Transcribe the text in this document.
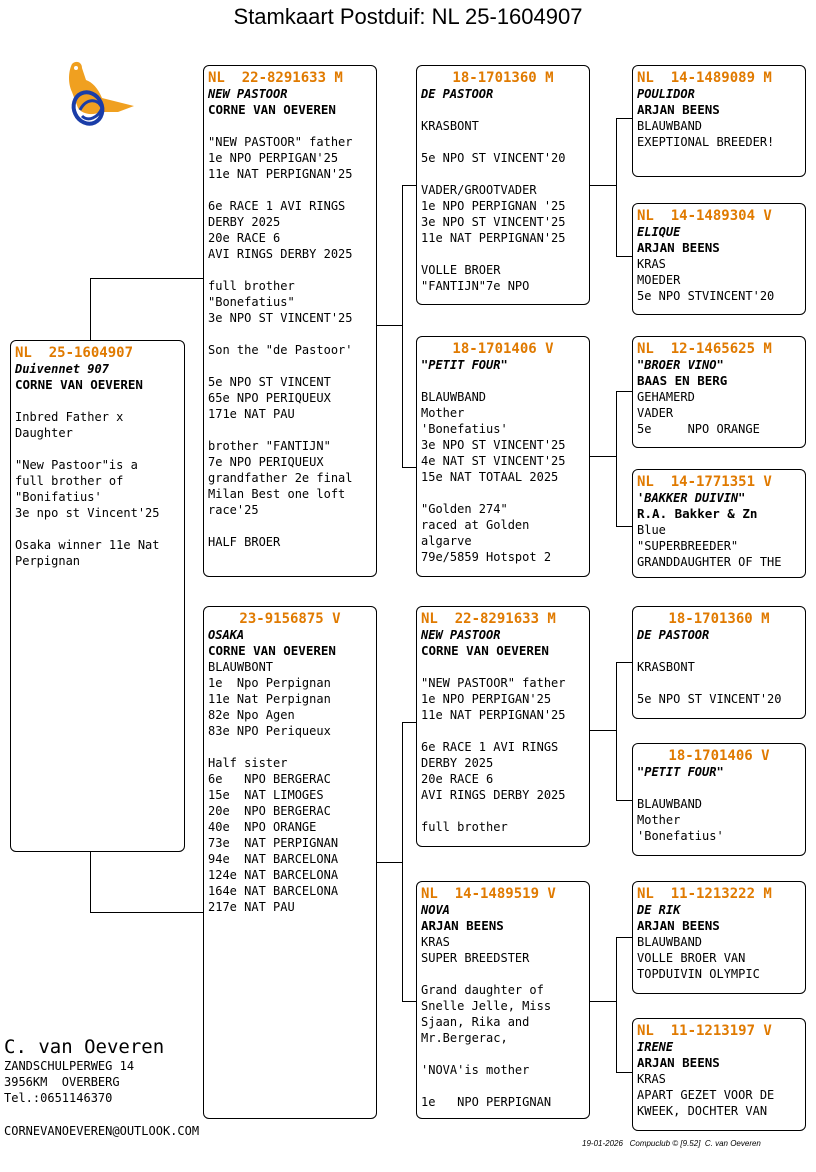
Stamkaart Postduif: NL 25-1604907
NL  25-1604907
Duivennet 907
CORNE VAN OEVEREN
Inbred Father x
Daughter
"New Pastoor"is a
full brother of
"Bonifatius'
3e npo st Vincent'25
Osaka winner 11e Nat
Perpignan
NL  22-8291633 M
NEW PASTOOR
CORNE VAN OEVEREN
"NEW PASTOOR" father
1e NPO PERPIGAN'25
11e NAT PERPIGNAN'25
6e RACE 1 AVI RINGS
DERBY 2025
20e RACE 6
AVI RINGS DERBY 2025
full brother
"Bonefatius"
3e NPO ST VINCENT'25
Son the "de Pastoor'
5e NPO ST VINCENT
65e NPO PERIQUEUX
171e NAT PAU
brother "FANTIJN"
7e NPO PERIQUEUX
grandfather 2e final
Milan Best one loft
race'25
HALF BROER
23-9156875 V
OSAKA
CORNE VAN OEVEREN
BLAUWBONT
1e  Npo Perpignan
11e Nat Perpignan
82e Npo Agen
83e NPO Periqueux
Half sister
6e   NPO BERGERAC
15e  NAT LIMOGES
20e  NPO BERGERAC
40e  NPO ORANGE
73e  NAT PERPIGNAN
94e  NAT BARCELONA
124e NAT BARCELONA
164e NAT BARCELONA
217e NAT PAU
18-1701360 M
DE PASTOOR
KRASBONT
5e NPO ST VINCENT'20
VADER/GROOTVADER
1e NPO PERPIGNAN '25
3e NPO ST VINCENT'25
11e NAT PERPIGNAN'25
VOLLE BROER
"FANTIJN"7e NPO
18-1701406 V
"PETIT FOUR"
BLAUWBAND
Mother
'Bonefatius'
3e NPO ST VINCENT'25
4e NAT ST VINCENT'25
15e NAT TOTAAL 2025
"Golden 274"
raced at Golden
algarve
79e/5859 Hotspot 2
NL  22-8291633 M
NEW PASTOOR
CORNE VAN OEVEREN
"NEW PASTOOR" father
1e NPO PERPIGAN'25
11e NAT PERPIGNAN'25
6e RACE 1 AVI RINGS
DERBY 2025
20e RACE 6
AVI RINGS DERBY 2025
full brother
NL  14-1489519 V
NOVA
ARJAN BEENS
KRAS
SUPER BREEDSTER
Grand daughter of
Snelle Jelle, Miss
Sjaan, Rika and
Mr.Bergerac,
'NOVA'is mother
1e   NPO PERPIGNAN
NL  14-1489089 M
POULIDOR
ARJAN BEENS
BLAUWBAND
EXEPTIONAL BREEDER!
NL  14-1489304 V
ELIQUE
ARJAN BEENS
KRAS
MOEDER
5e NPO STVINCENT'20
NL  12-1465625 M
"BROER VINO"
BAAS EN BERG
GEHAMERD
VADER
5e     NPO ORANGE
NL  14-1771351 V
'BAKKER DUIVIN"
R.A. Bakker & Zn
Blue
"SUPERBREEDER"
GRANDDAUGHTER OF THE
18-1701360 M
DE PASTOOR
KRASBONT
5e NPO ST VINCENT'20
18-1701406 V
"PETIT FOUR"
BLAUWBAND
Mother
'Bonefatius'
NL  11-1213222 M
DE RIK
ARJAN BEENS
BLAUWBAND
VOLLE BROER VAN
TOPDUIVIN OLYMPIC
NL  11-1213197 V
IRENE
ARJAN BEENS
KRAS
APART GEZET VOOR DE
KWEEK, DOCHTER VAN
C. van Oeveren
ZANDSCHULPERWEG 14
3956KM  OVERBERG
Tel.:0651146370
CORNEVANOEVEREN@OUTLOOK.COM
19-01-2026   Compuclub © [9.52]  C. van Oeveren
